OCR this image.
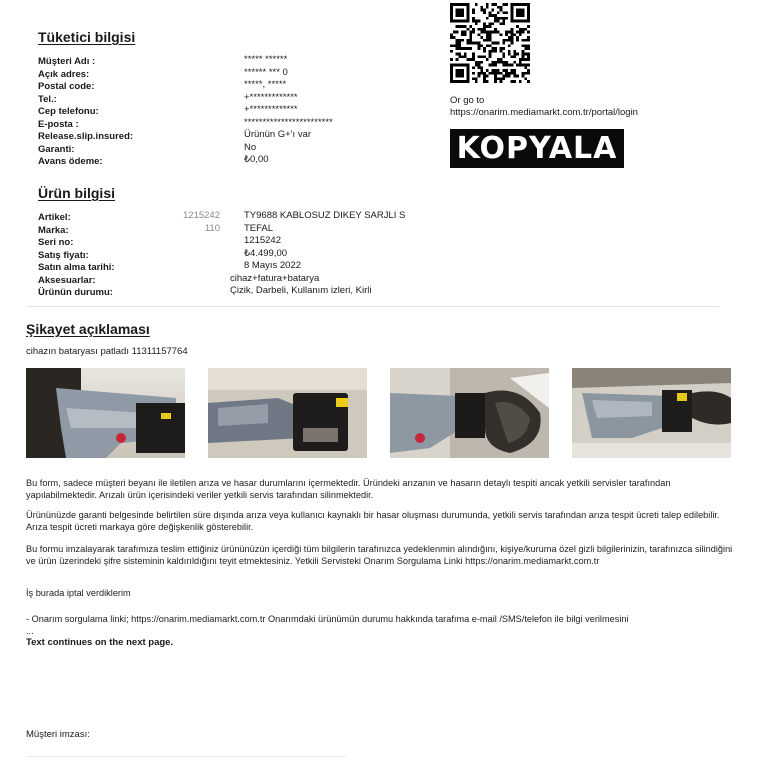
Tüketici bilgisi
Müşteri Adı :	***** ******
Açık adres:	****** *** 0
Postal code:	*****, *****
Tel.:	+*************
Cep telefonu:	+*************
E-posta :	************************
Release.slip.insured:	Ürünün G+'ı var
Garanti:	No
Avans ödeme:	₺0,00
Or go to
https://onarim.mediamarkt.com.tr/portal/login
KOPYALA
Ürün bilgisi
Artikel:	1215242	TY9688 KABLOSUZ DIKEY SARJLI S
Marka:	110	TEFAL
Seri no:	1215242
Satış fiyatı:	₺4.499,00
Satın alma tarihi:	8 Mayıs 2022
Aksesuarlar:	cihaz+fatura+batarya
Ürünün durumu:	Çizik, Darbeli, Kullanım izleri, Kirli
Şikayet açıklaması
cihazın bataryası patladı 11311157764
Bu form, sadece müşteri beyanı ile iletilen arıza ve hasar durumlarını içermektedir. Üründeki arızanın ve hasarın detaylı tespiti ancak yetkili servisler tarafından yapılabilmektedir. Arızalı ürün içerisindeki veriler yetkili servis tarafından silinmektedir.
Ürününüzde garanti belgesinde belirtilen süre dışında arıza veya kullanıcı kaynaklı bir hasar oluşması durumunda, yetkili servis tarafından arıza tespit ücreti talep edilebilir. Arıza tespit ücreti markaya göre değişkenlik gösterebilir.
Bu formu imzalayarak tarafımıza teslim ettiğiniz ürününüzün içerdiği tüm bilgilerin tarafınızca yedeklenmin alındığını, kişiye/kuruma özel gizli bilgilerinizin, tarafınızca silindiğini ve ürün üzerindeki şifre sisteminin kaldırıldığını teyit etmektesiniz. Yetkili Servisteki Onarım Sorgulama Linki https://onarim.mediamarkt.com.tr
İş burada iptal verdiklerim
- Onarım sorgulama linki; https://onarim.mediamarkt.com.tr Onarımdaki ürünümün durumu hakkında tarafıma e-mail /SMS/telefon ile bilgi verilmesini
...
Text continues on the next page.
Müşteri imzası:
